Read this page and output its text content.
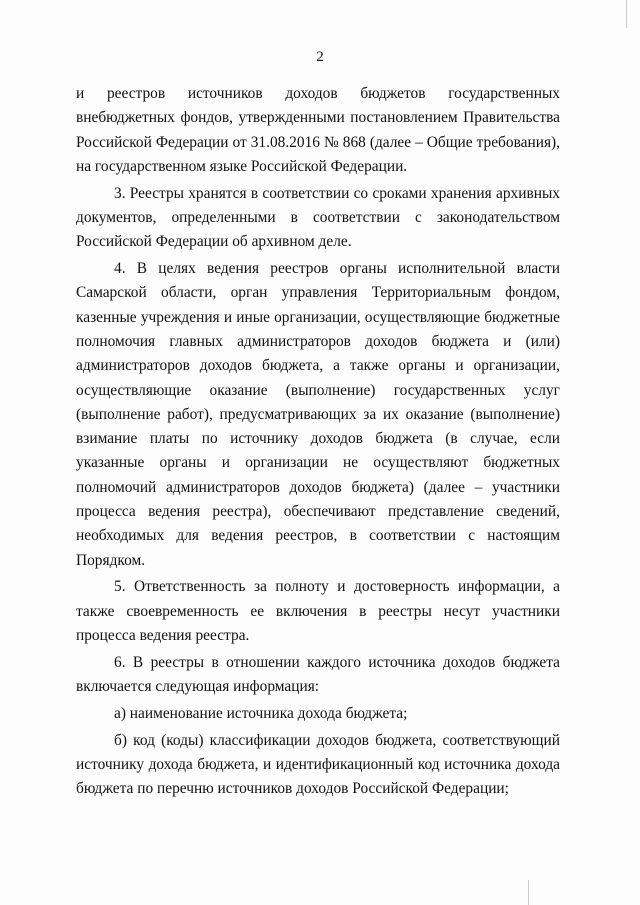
2

и реестров источников доходов бюджетов государственных внебюджетных фондов, утвержденными постановлением Правительства Российской Федерации от 31.08.2016 № 868 (далее – Общие требования), на государственном языке Российской Федерации.

3. Реестры хранятся в соответствии со сроками хранения архивных документов, определенными в соответствии с законодательством Российской Федерации об архивном деле.

4. В целях ведения реестров органы исполнительной власти Самарской области, орган управления Территориальным фондом, казенные учреждения и иные организации, осуществляющие бюджетные полномочия главных администраторов доходов бюджета и (или) администраторов доходов бюджета, а также органы и организации, осуществляющие оказание (выполнение) государственных услуг (выполнение работ), предусматривающих за их оказание (выполнение) взимание платы по источнику доходов бюджета (в случае, если указанные органы и организации не осуществляют бюджетных полномочий администраторов доходов бюджета) (далее – участники процесса ведения реестра), обеспечивают представление сведений, необходимых для ведения реестров, в соответствии с настоящим Порядком.

5. Ответственность за полноту и достоверность информации, а также своевременность ее включения в реестры несут участники процесса ведения реестра.

6. В реестры в отношении каждого источника доходов бюджета включается следующая информация:

а) наименование источника дохода бюджета;

б) код (коды) классификации доходов бюджета, соответствующий источнику дохода бюджета, и идентификационный код источника дохода бюджета по перечню источников доходов Российской Федерации;
